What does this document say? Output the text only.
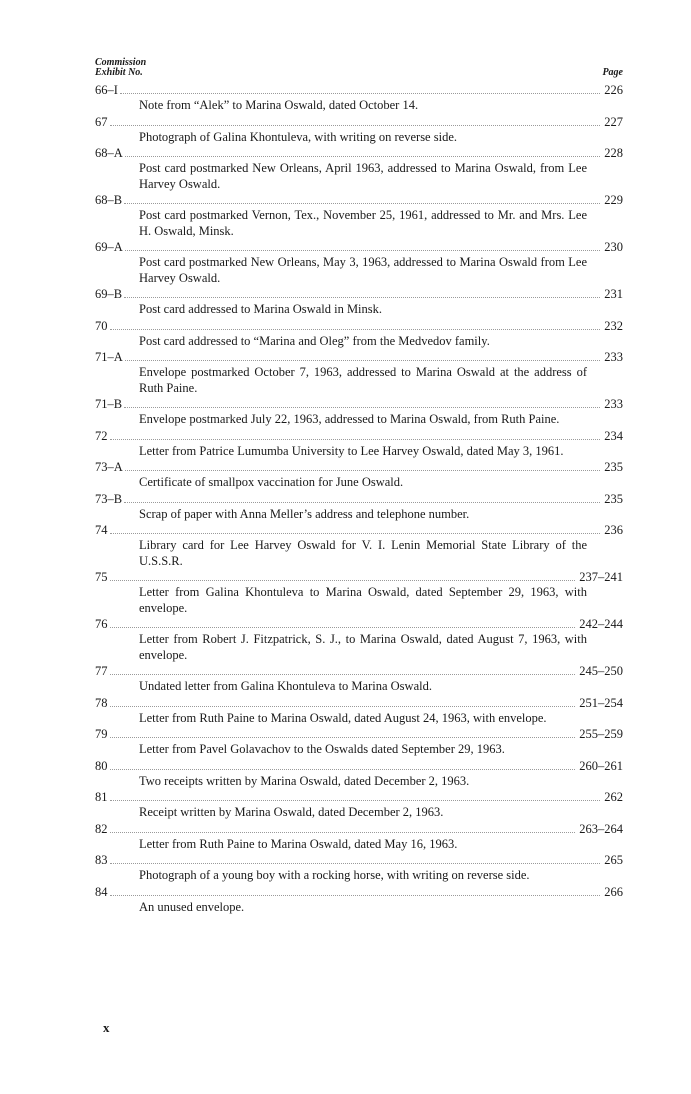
Commission
Exhibit No.	Page
66–I	226
Note from “Alek” to Marina Oswald, dated October 14.
67	227
Photograph of Galina Khontuleva, with writing on reverse side.
68–A	228
Post card postmarked New Orleans, April 1963, addressed to Marina Oswald, from Lee Harvey Oswald.
68–B	229
Post card postmarked Vernon, Tex., November 25, 1961, addressed to Mr. and Mrs. Lee H. Oswald, Minsk.
69–A	230
Post card postmarked New Orleans, May 3, 1963, addressed to Marina Oswald from Lee Harvey Oswald.
69–B	231
Post card addressed to Marina Oswald in Minsk.
70	232
Post card addressed to “Marina and Oleg” from the Medvedov family.
71–A	233
Envelope postmarked October 7, 1963, addressed to Marina Oswald at the address of Ruth Paine.
71–B	233
Envelope postmarked July 22, 1963, addressed to Marina Oswald, from Ruth Paine.
72	234
Letter from Patrice Lumumba University to Lee Harvey Oswald, dated May 3, 1961.
73–A	235
Certificate of smallpox vaccination for June Oswald.
73–B	235
Scrap of paper with Anna Meller’s address and telephone number.
74	236
Library card for Lee Harvey Oswald for V. I. Lenin Memorial State Library of the U.S.S.R.
75	237–241
Letter from Galina Khontuleva to Marina Oswald, dated September 29, 1963, with envelope.
76	242–244
Letter from Robert J. Fitzpatrick, S. J., to Marina Oswald, dated August 7, 1963, with envelope.
77	245–250
Undated letter from Galina Khontuleva to Marina Oswald.
78	251–254
Letter from Ruth Paine to Marina Oswald, dated August 24, 1963, with envelope.
79	255–259
Letter from Pavel Golavachov to the Oswalds dated September 29, 1963.
80	260–261
Two receipts written by Marina Oswald, dated December 2, 1963.
81	262
Receipt written by Marina Oswald, dated December 2, 1963.
82	263–264
Letter from Ruth Paine to Marina Oswald, dated May 16, 1963.
83	265
Photograph of a young boy with a rocking horse, with writing on reverse side.
84	266
An unused envelope.
x
